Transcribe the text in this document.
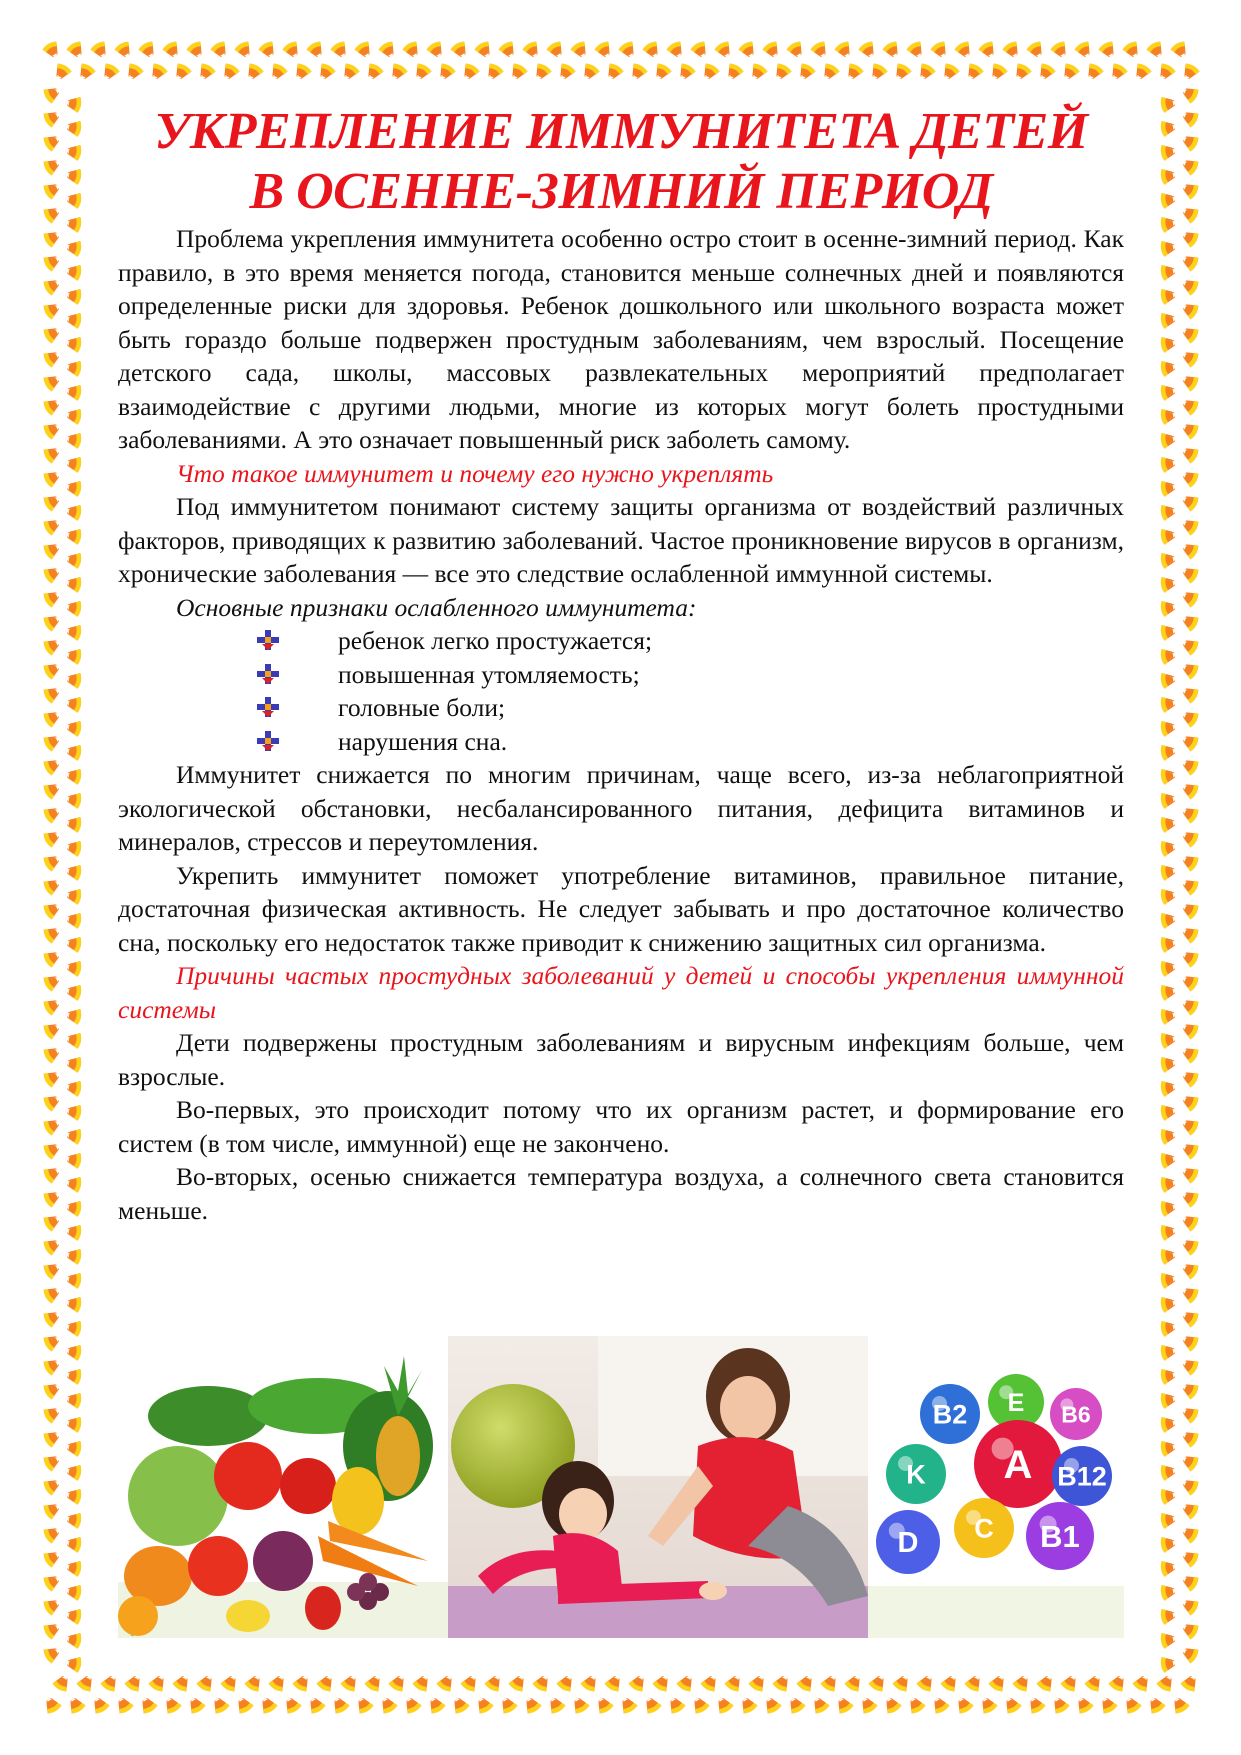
УКРЕПЛЕНИЕ ИММУНИТЕТА ДЕТЕЙ
В ОСЕННЕ-ЗИМНИЙ ПЕРИОД

Проблема укрепления иммунитета особенно остро стоит в осенне-зимний период. Как правило, в это время меняется погода, становится меньше солнечных дней и появляются определенные риски для здоровья. Ребенок дошкольного или школьного возраста может быть гораздо больше подвержен простудным заболеваниям, чем взрослый. Посещение детского сада, школы, массовых развлекательных мероприятий предполагает взаимодействие с другими людьми, многие из которых могут болеть простудными заболеваниями. А это означает повышенный риск заболеть самому.

Что такое иммунитет и почему его нужно укреплять

Под иммунитетом понимают систему защиты организма от воздействий различных факторов, приводящих к развитию заболеваний. Частое проникновение вирусов в организм, хронические заболевания — все это следствие ослабленной иммунной системы.

Основные признаки ослабленного иммунитета:

ребенок легко простужается;
повышенная утомляемость;
головные боли;
нарушения сна.

Иммунитет снижается по многим причинам, чаще всего, из-за неблагоприятной экологической обстановки, несбалансированного питания, дефицита витаминов и минералов, стрессов и переутомления.

Укрепить иммунитет поможет употребление витаминов, правильное питание, достаточная физическая активность. Не следует забывать и про достаточное количество сна, поскольку его недостаток также приводит к снижению защитных сил организма.

Причины частых простудных заболеваний у детей и способы укрепления иммунной системы

Дети подвержены простудным заболеваниям и вирусным инфекциям больше, чем взрослые.

Во-первых, это происходит потому что их организм растет, и формирование его систем (в том числе, иммунной) еще не закончено.

Во-вторых, осенью снижается температура воздуха, а солнечного света становится меньше.

B2 E B6
K A B12
D C B1
